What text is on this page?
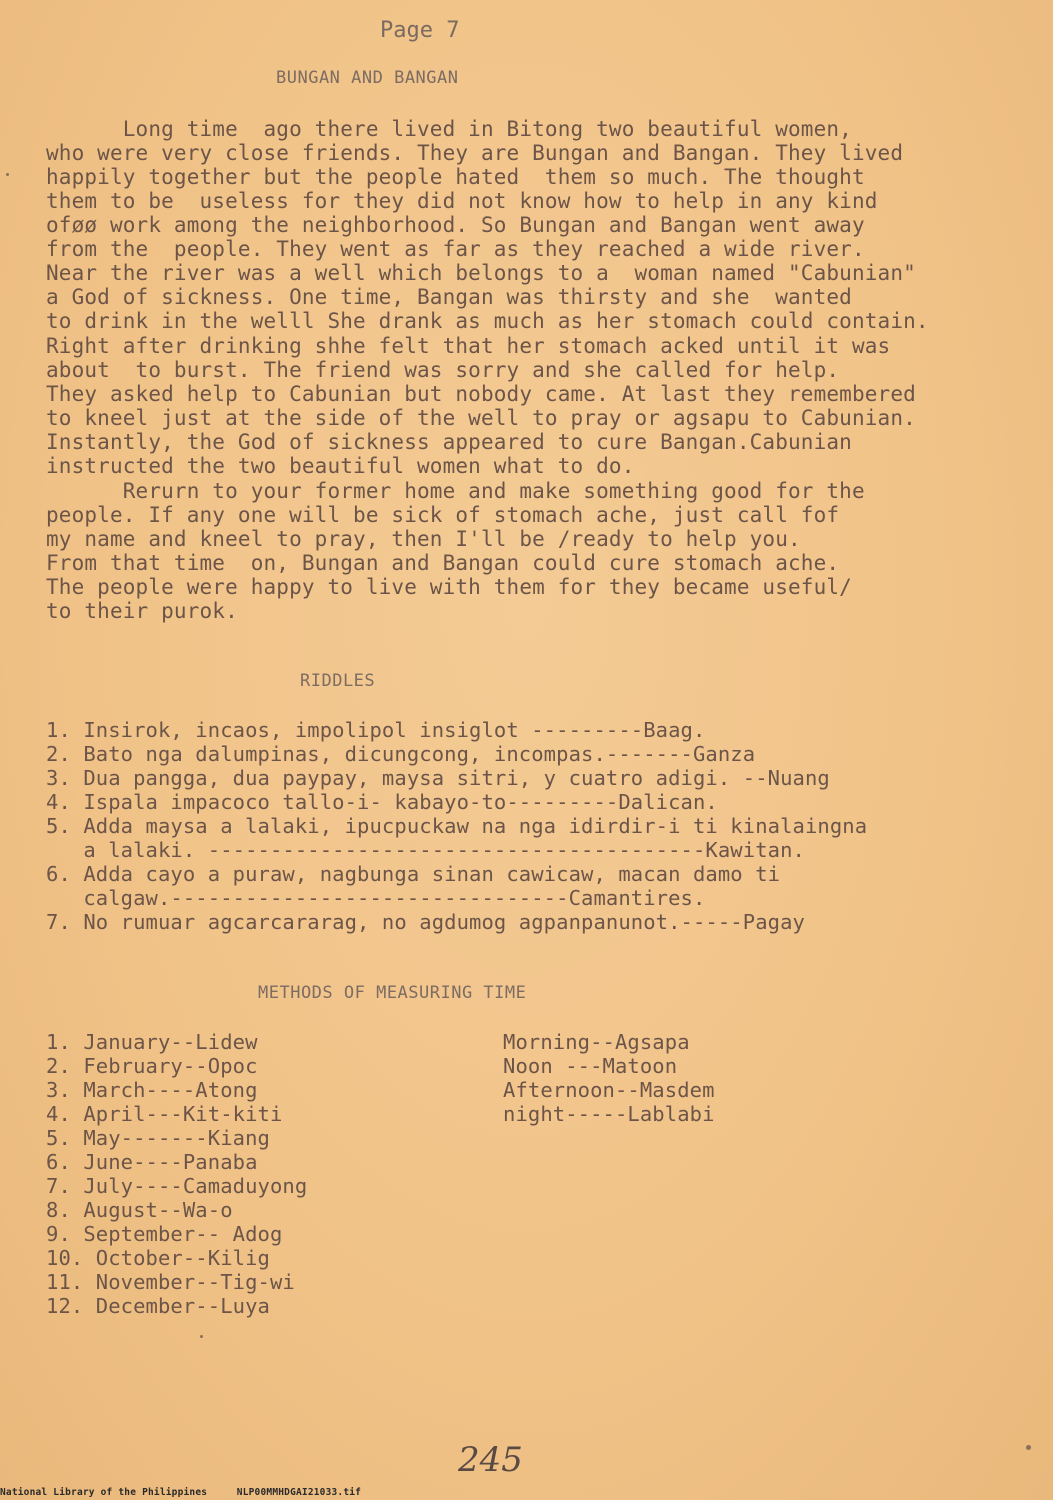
Page 7
BUNGAN AND BANGAN
Long time  ago there lived in Bitong two beautiful women,
who were very close friends. They are Bungan and Bangan. They lived
happily together but the people hated  them so much. The thought
them to be  useless for they did not know how to help in any kind
oføø work among the neighborhood. So Bungan and Bangan went away
from the  people. They went as far as they reached a wide river.
Near the river was a well which belongs to a  woman named "Cabunian"
a God of sickness. One time, Bangan was thirsty and she  wanted
to drink in the welll She drank as much as her stomach could contain.
Right after drinking shhe felt that her stomach acked until it was
about  to burst. The friend was sorry and she called for help.
They asked help to Cabunian but nobody came. At last they remembered
to kneel just at the side of the well to pray or agsapu to Cabunian.
Instantly, the God of sickness appeared to cure Bangan.Cabunian
instructed the two beautiful women what to do.
Rerurn to your former home and make something good for the
people. If any one will be sick of stomach ache, just call fof
my name and kneel to pray, then I'll be /ready to help you.
From that time  on, Bungan and Bangan could cure stomach ache.
The people were happy to live with them for they became useful/
to their purok.
RIDDLES
1. Insirok, incaos, impolipol insiglot ---------Baag.
2. Bato nga dalumpinas, dicungcong, incompas.-------Ganza
3. Dua pangga, dua paypay, maysa sitri, y cuatro adigi. --Nuang
4. Ispala impacoco tallo-i- kabayo-to---------Dalican.
5. Adda maysa a lalaki, ipucpuckaw na nga idirdir-i ti kinalaingna
a lalaki. ----------------------------------------Kawitan.
6. Adda cayo a puraw, nagbunga sinan cawicaw, macan damo ti
calgaw.--------------------------------Camantires.
7. No rumuar agcarcararag, no agdumog agpanpanunot.-----Pagay
METHODS OF MEASURING TIME
1. January--Lidew
2. February--Opoc
3. March----Atong
4. April---Kit-kiti
5. May-------Kiang
6. June----Panaba
7. July----Camaduyong
8. August--Wa-o
9. September-- Adog
10. October--Kilig
11. November--Tig-wi
12. December--Luya
Morning--Agsapa
Noon ---Matoon
Afternoon--Masdem
night-----Lablabi
245
National Library of the Philippines	NLP00MMHDGAI21033.tif
